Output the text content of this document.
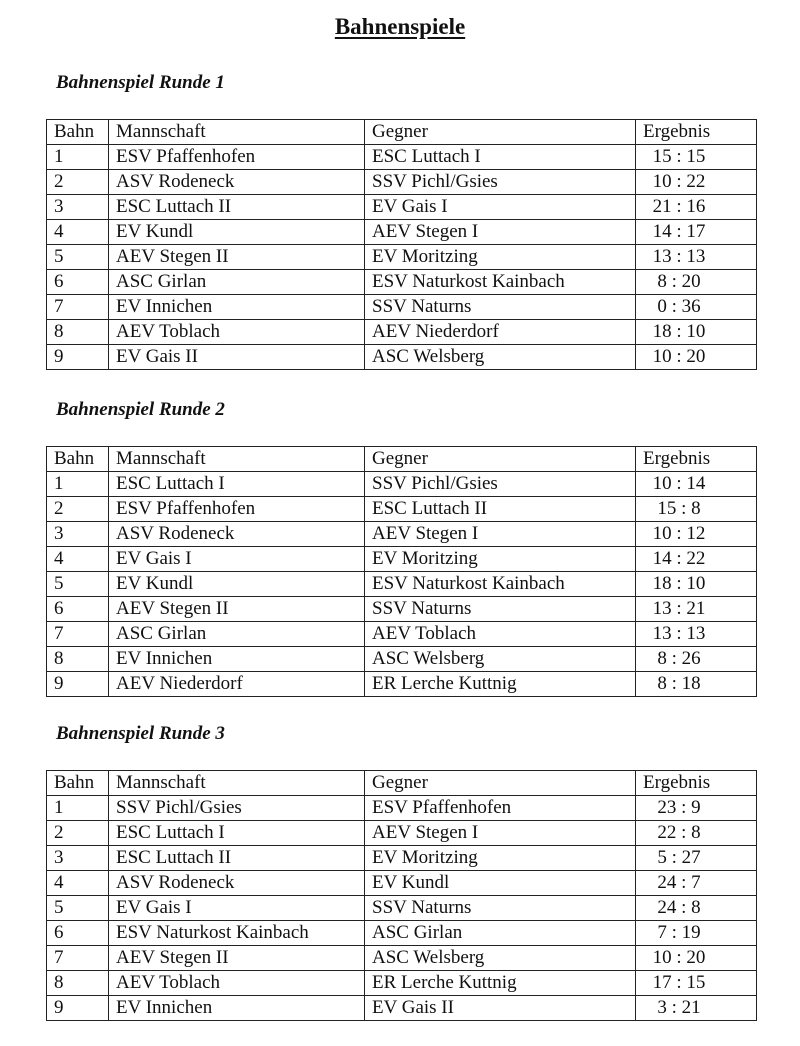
Bahnenspiele
Bahnenspiel Runde 1
Bahn	Mannschaft	Gegner	Ergebnis
1	ESV Pfaffenhofen	ESC Luttach I	15 : 15
2	ASV Rodeneck	SSV Pichl/Gsies	10 : 22
3	ESC Luttach II	EV Gais I	21 : 16
4	EV Kundl	AEV Stegen I	14 : 17
5	AEV Stegen II	EV Moritzing	13 : 13
6	ASC Girlan	ESV Naturkost Kainbach	8 : 20
7	EV Innichen	SSV Naturns	0 : 36
8	AEV Toblach	AEV Niederdorf	18 : 10
9	EV Gais II	ASC Welsberg	10 : 20
Bahnenspiel Runde 2
Bahn	Mannschaft	Gegner	Ergebnis
1	ESC Luttach I	SSV Pichl/Gsies	10 : 14
2	ESV Pfaffenhofen	ESC Luttach II	15 : 8
3	ASV Rodeneck	AEV Stegen I	10 : 12
4	EV Gais I	EV Moritzing	14 : 22
5	EV Kundl	ESV Naturkost Kainbach	18 : 10
6	AEV Stegen II	SSV Naturns	13 : 21
7	ASC Girlan	AEV Toblach	13 : 13
8	EV Innichen	ASC Welsberg	8 : 26
9	AEV Niederdorf	ER Lerche Kuttnig	8 : 18
Bahnenspiel Runde 3
Bahn	Mannschaft	Gegner	Ergebnis
1	SSV Pichl/Gsies	ESV Pfaffenhofen	23 : 9
2	ESC Luttach I	AEV Stegen I	22 : 8
3	ESC Luttach II	EV Moritzing	5 : 27
4	ASV Rodeneck	EV Kundl	24 : 7
5	EV Gais I	SSV Naturns	24 : 8
6	ESV Naturkost Kainbach	ASC Girlan	7 : 19
7	AEV Stegen II	ASC Welsberg	10 : 20
8	AEV Toblach	ER Lerche Kuttnig	17 : 15
9	EV Innichen	EV Gais II	3 : 21
